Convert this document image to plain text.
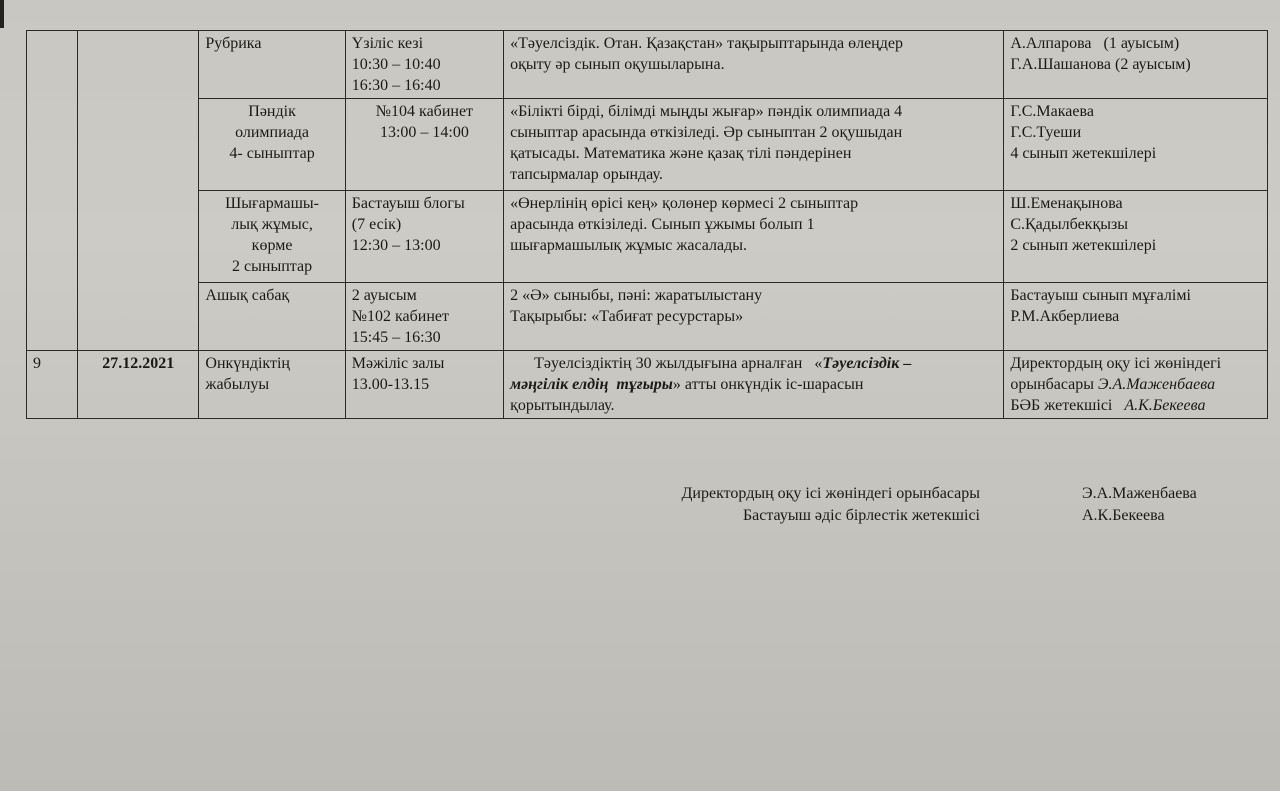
		Рубрика	Үзіліс кезі
10:30 – 10:40
16:30 – 16:40	«Тәуелсіздік. Отан. Қазақстан» тақырыптарында өлеңдер
оқыту әр сынып оқушыларына.	А.Алпарова   (1 ауысым)
Г.А.Шашанова (2 ауысым)

		Пәндік
олимпиада
4- сыныптар	№104 кабинет
13:00 – 14:00	«Білікті бірді, білімді мыңды жығар» пәндік олимпиада 4
сыныптар арасында өткізіледі. Әр сыныптан 2 оқушыдан
қатысады. Математика және қазақ тілі пәндерінен
тапсырмалар орындау.	Г.С.Макаева
Г.С.Туеши
4 сынып жетекшілері

		Шығармашы-
лық жұмыс,
көрме
2 сыныптар	Бастауыш блогы
(7 есік)
12:30 – 13:00	«Өнерлінің өрісі кең» қолөнер көрмесі 2 сыныптар
арасында өткізіледі. Сынып ұжымы болып 1
шығармашылық жұмыс жасалады.	Ш.Еменақынова
С.Қадылбекқызы
2 сынып жетекшілері

		Ашық сабақ	2 ауысым
№102 кабинет
15:45 – 16:30	2 «Ә» сыныбы, пәні: жаратылыстану
Тақырыбы: «Табиғат ресурстары»	Бастауыш сынып мұғалімі
Р.М.Акберлиева

9	27.12.2021	Онкүндіктің
жабылуы	Мәжіліс залы
13.00-13.15	Тәуелсіздіктің 30 жылдығына арналған   «Тәуелсіздік –
мәңгілік елдің  тұғыры» атты онкүндік іс-шарасын
қорытындылау.	Директордың оқу ісі жөніндегі
орынбасары Э.А.Маженбаева
БӘБ жетекшісі   А.К.Бекеева
Директордың оқу ісі жөніндегі орынбасары
Бастауыш әдіс бірлестік жетекшісі
Э.А.Маженбаева
А.К.Бекеева
